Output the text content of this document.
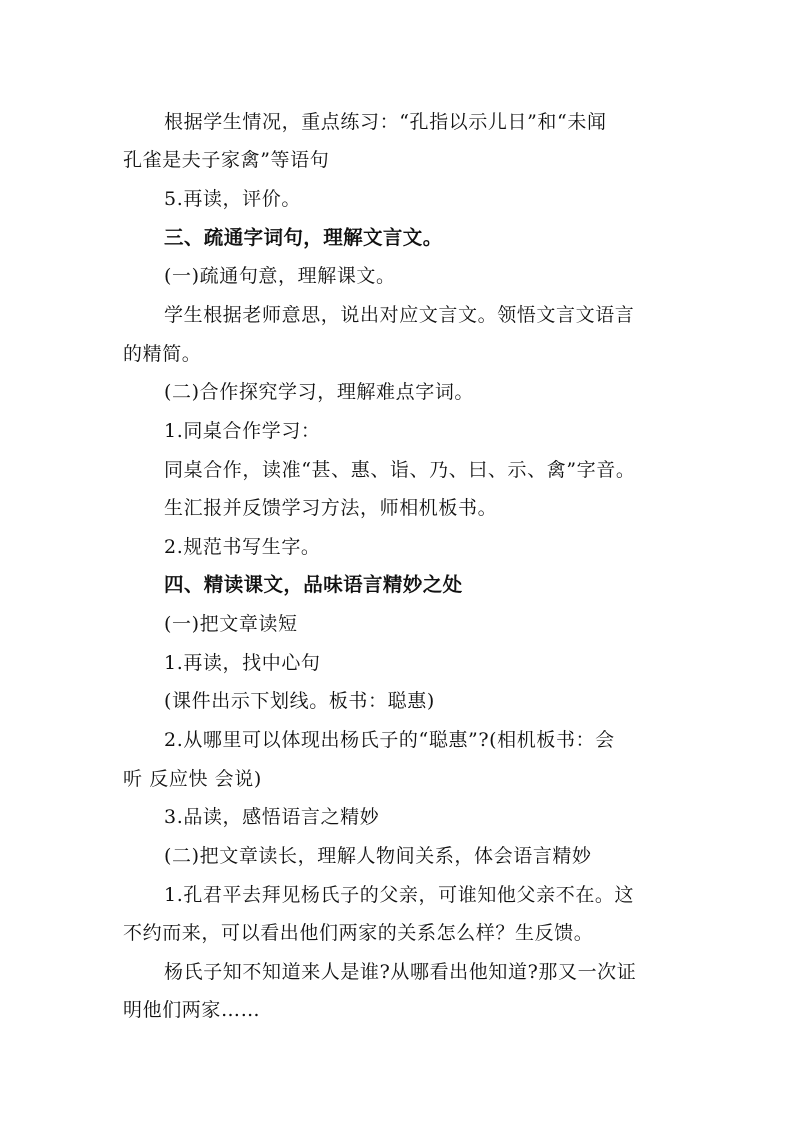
根据学生情况，重点练习：“孔指以示儿日”和“未闻
孔雀是夫子家禽”等语句
5.再读，评价。
三、疏通字词句，理解文言文。
(一)疏通句意，理解课文。
学生根据老师意思，说出对应文言文。领悟文言文语言
的精简。
(二)合作探究学习，理解难点字词。
1.同桌合作学习：
同桌合作，读准“甚、惠、诣、乃、曰、示、禽”字音。
生汇报并反馈学习方法，师相机板书。
2.规范书写生字。
四、精读课文，品味语言精妙之处
(一)把文章读短
1.再读，找中心句
(课件出示下划线。板书：聪惠)
2.从哪里可以体现出杨氏子的“聪惠”?(相机板书：会
听 反应快 会说)
3.品读，感悟语言之精妙
(二)把文章读长，理解人物间关系，体会语言精妙
1.孔君平去拜见杨氏子的父亲，可谁知他父亲不在。这
不约而来，可以看出他们两家的关系怎么样？生反馈。
杨氏子知不知道来人是谁?从哪看出他知道?那又一次证
明他们两家……
